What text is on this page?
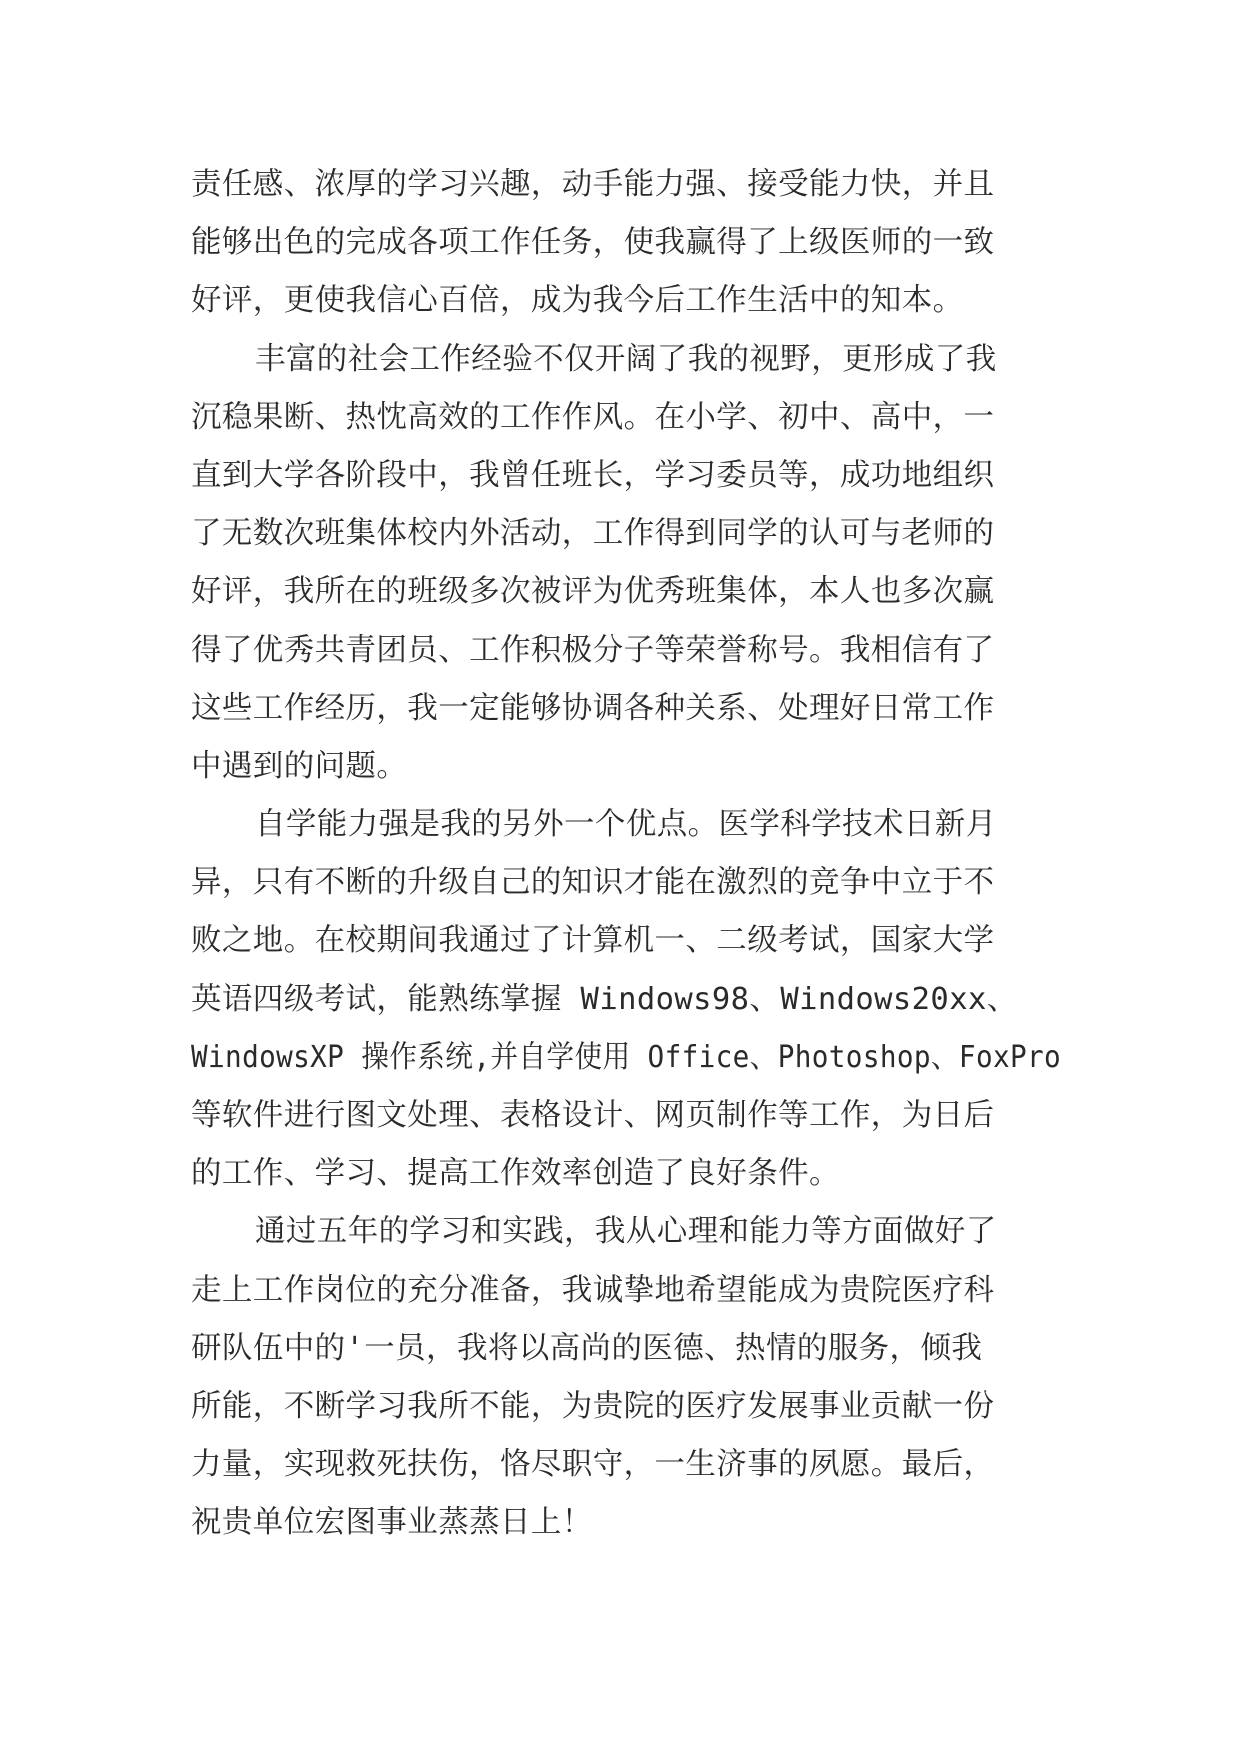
责任感、浓厚的学习兴趣，动手能力强、接受能力快，并且
能够出色的完成各项工作任务，使我赢得了上级医师的一致
好评，更使我信心百倍，成为我今后工作生活中的知本。
丰富的社会工作经验不仅开阔了我的视野，更形成了我
沉稳果断、热忱高效的工作作风。在小学、初中、高中，一
直到大学各阶段中，我曾任班长，学习委员等，成功地组织
了无数次班集体校内外活动，工作得到同学的认可与老师的
好评，我所在的班级多次被评为优秀班集体，本人也多次赢
得了优秀共青团员、工作积极分子等荣誉称号。我相信有了
这些工作经历，我一定能够协调各种关系、处理好日常工作
中遇到的问题。
自学能力强是我的另外一个优点。医学科学技术日新月
异，只有不断的升级自己的知识才能在激烈的竞争中立于不
败之地。在校期间我通过了计算机一、二级考试，国家大学
英语四级考试，能熟练掌握 Windows98、Windows20xx、
WindowsXP 操作系统,并自学使用 Office、Photoshop、FoxPro
等软件进行图文处理、表格设计、网页制作等工作，为日后
的工作、学习、提高工作效率创造了良好条件。
通过五年的学习和实践，我从心理和能力等方面做好了
走上工作岗位的充分准备，我诚挚地希望能成为贵院医疗科
研队伍中的'一员，我将以高尚的医德、热情的服务，倾我
所能，不断学习我所不能，为贵院的医疗发展事业贡献一份
力量，实现救死扶伤，恪尽职守，一生济事的夙愿。最后，
祝贵单位宏图事业蒸蒸日上！
